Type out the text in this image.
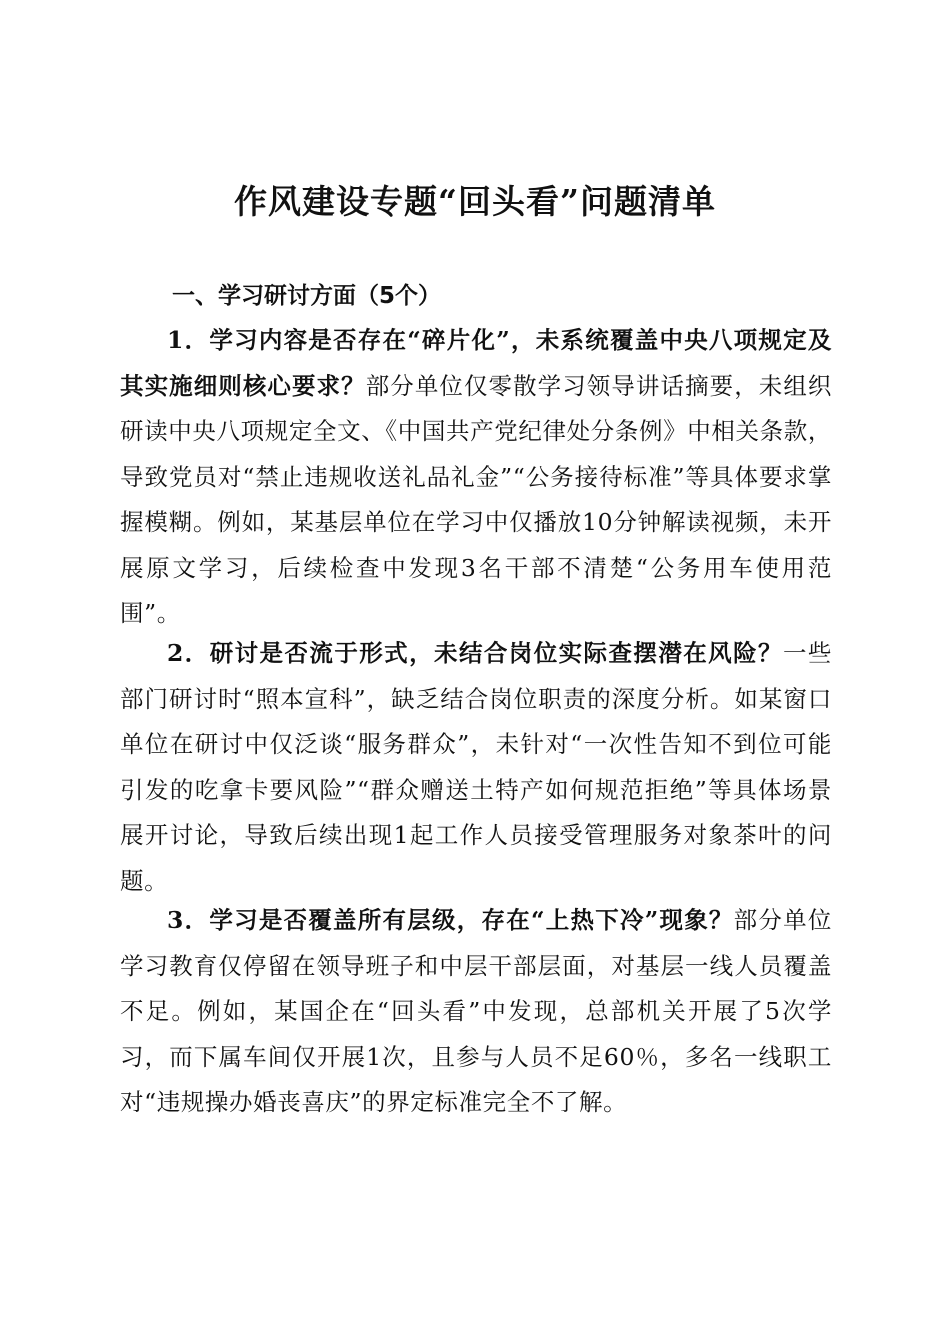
作风建设专题“回头看”问题清单
一、学习研讨方面（5个）

1．学习内容是否存在“碎片化”，未系统覆盖中央八项规定及其实施细则核心要求？部分单位仅零散学习领导讲话摘要，未组织研读中央八项规定全文、《中国共产党纪律处分条例》中相关条款，导致党员对“禁止违规收送礼品礼金”“公务接待标准”等具体要求掌握模糊。例如，某基层单位在学习中仅播放10分钟解读视频，未开展原文学习，后续检查中发现3名干部不清楚“公务用车使用范围”。

2．研讨是否流于形式，未结合岗位实际查摆潜在风险？一些部门研讨时“照本宣科”，缺乏结合岗位职责的深度分析。如某窗口单位在研讨中仅泛谈“服务群众”，未针对“一次性告知不到位可能引发的吃拿卡要风险”“群众赠送土特产如何规范拒绝”等具体场景展开讨论，导致后续出现1起工作人员接受管理服务对象茶叶的问题。

3．学习是否覆盖所有层级，存在“上热下冷”现象？部分单位学习教育仅停留在领导班子和中层干部层面，对基层一线人员覆盖不足。例如，某国企在“回头看”中发现，总部机关开展了5次学习，而下属车间仅开展1次，且参与人员不足60％，多名一线职工对“违规操办婚丧喜庆”的界定标准完全不了解。
